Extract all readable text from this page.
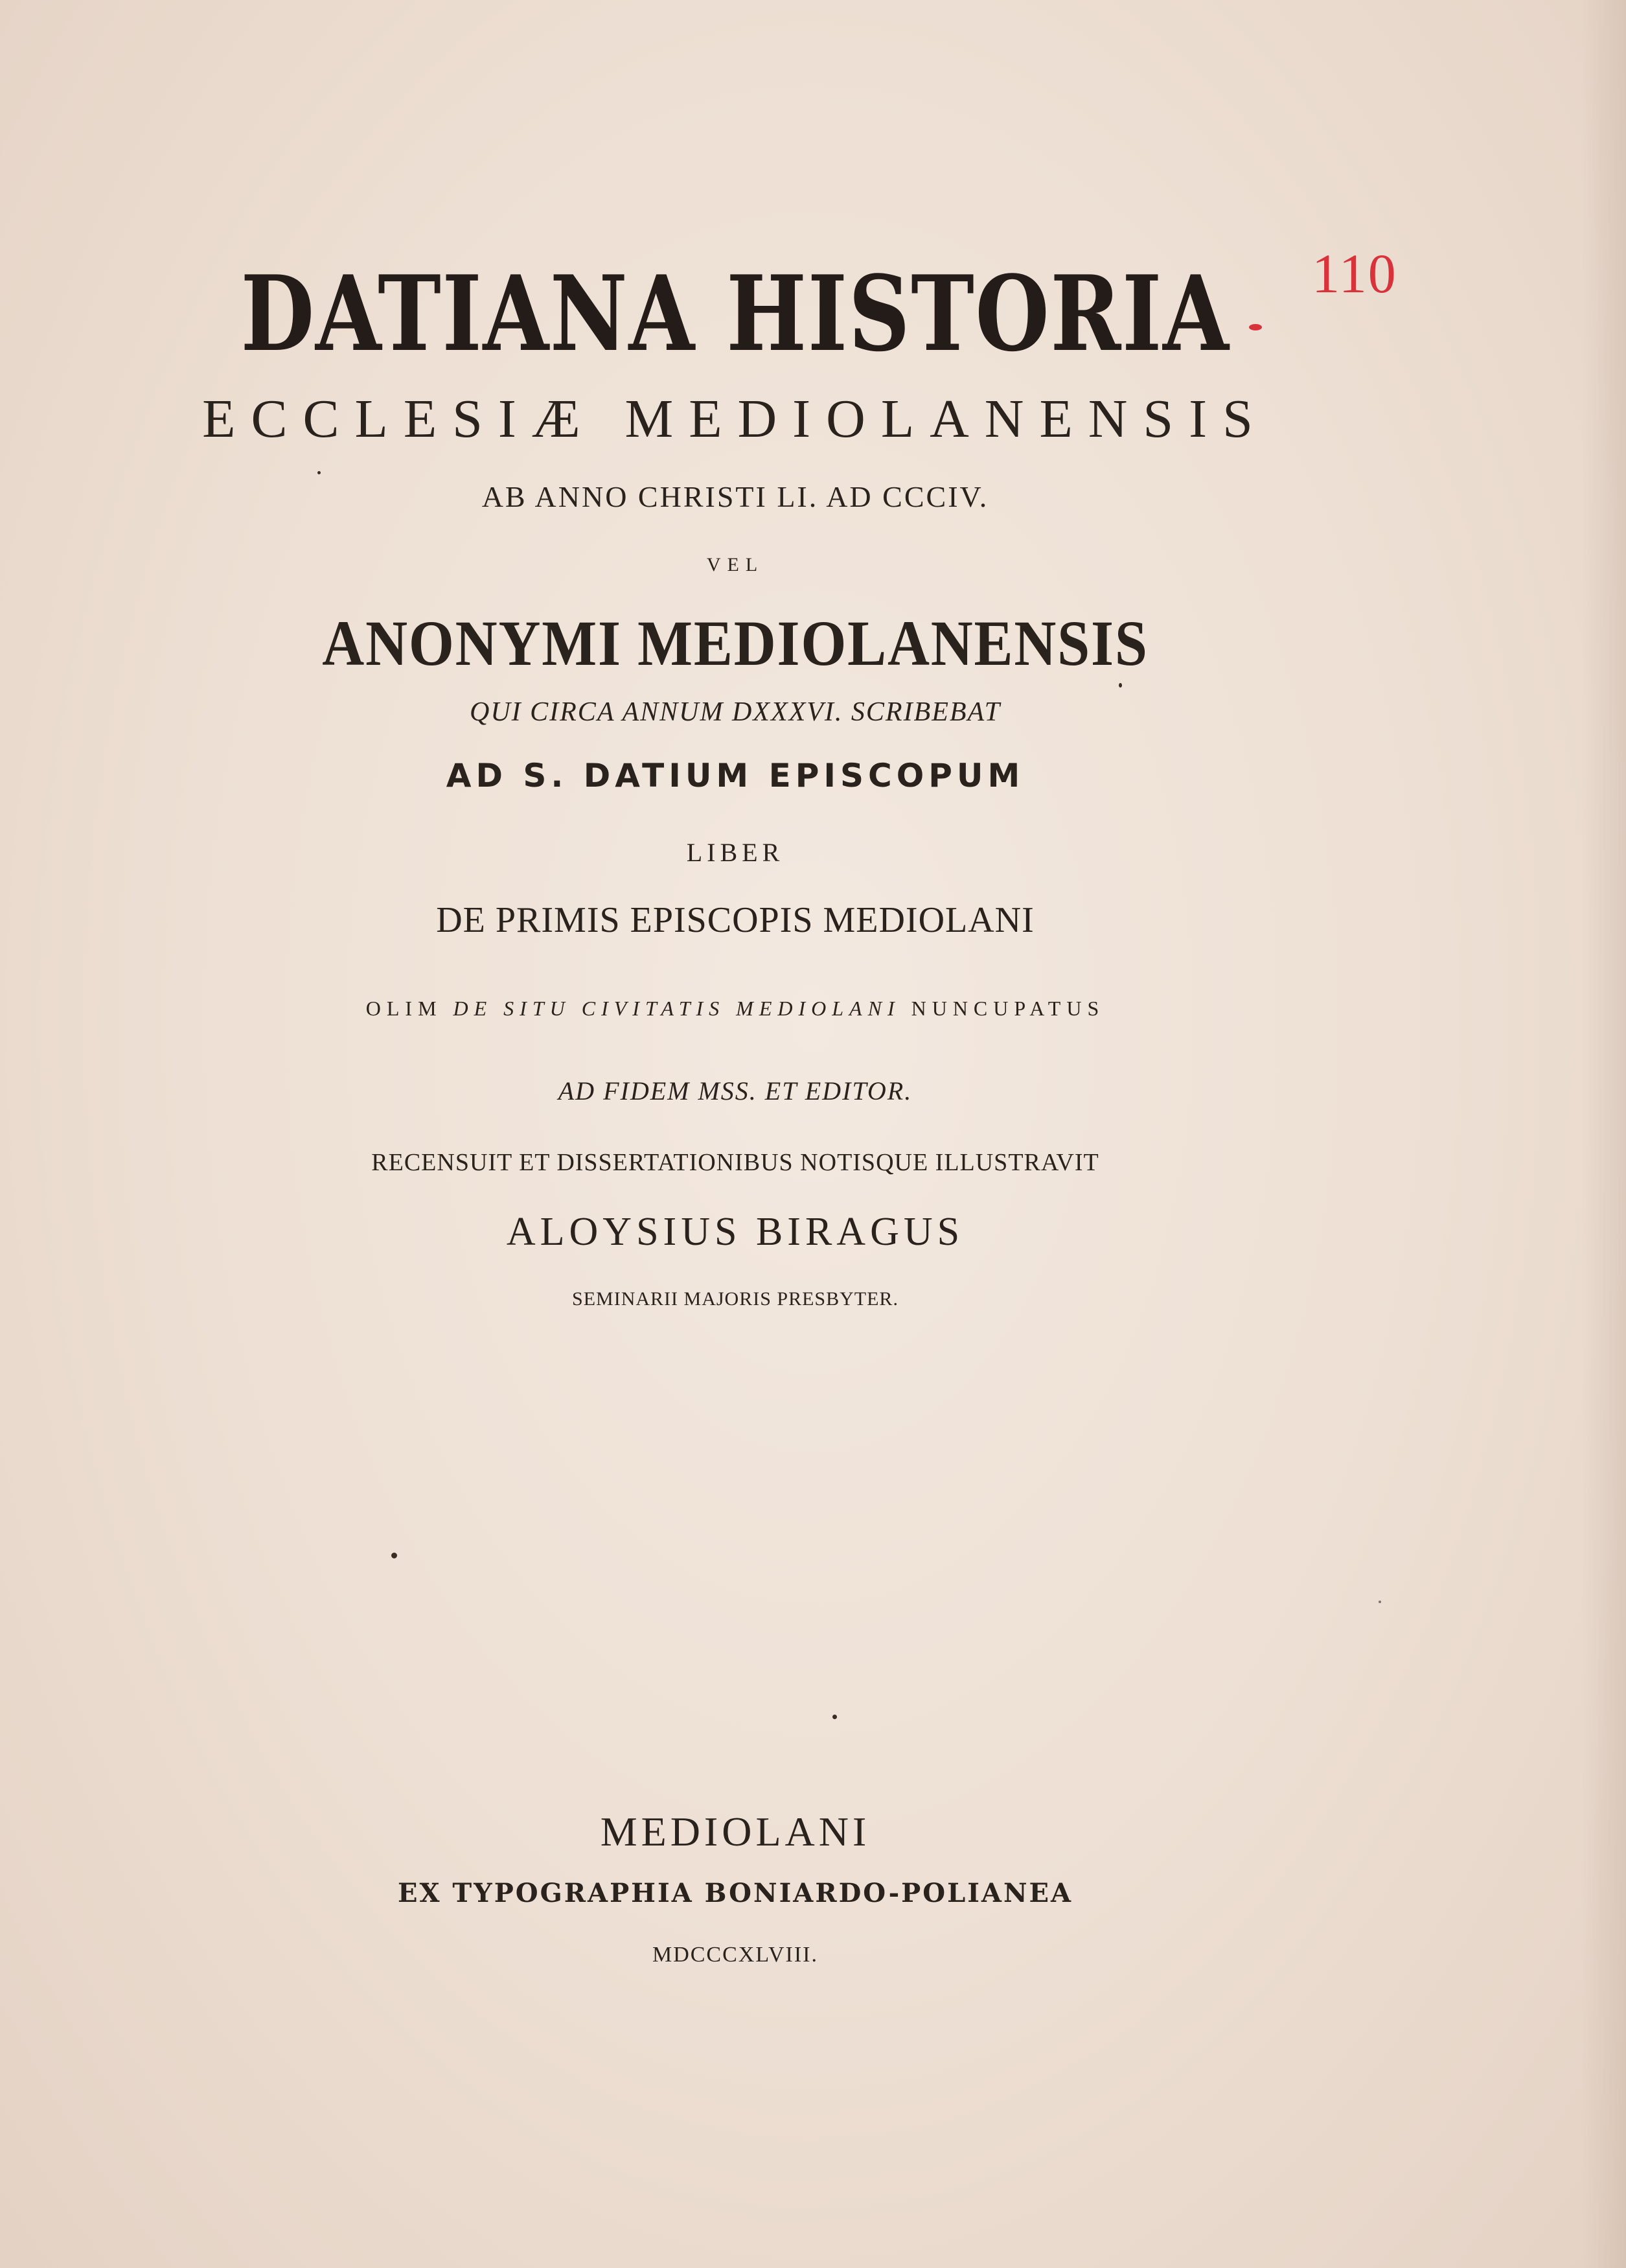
DATIANA HISTORIA
ECCLESIÆ MEDIOLANENSIS
AB ANNO CHRISTI LI. AD CCCIV.
VEL
ANONYMI MEDIOLANENSIS
QUI CIRCA ANNUM DXXXVI. SCRIBEBAT
AD S. DATIUM EPISCOPUM
LIBER
DE PRIMIS EPISCOPIS MEDIOLANI
OLIM DE SITU CIVITATIS MEDIOLANI NUNCUPATUS
AD FIDEM MSS. ET EDITOR.
RECENSUIT ET DISSERTATIONIBUS NOTISQUE ILLUSTRAVIT
ALOYSIUS BIRAGUS
SEMINARII MAJORIS PRESBYTER.
MEDIOLANI
EX TYPOGRAPHIA BONIARDO-POLIANEA
MDCCCXLVIII.
110
